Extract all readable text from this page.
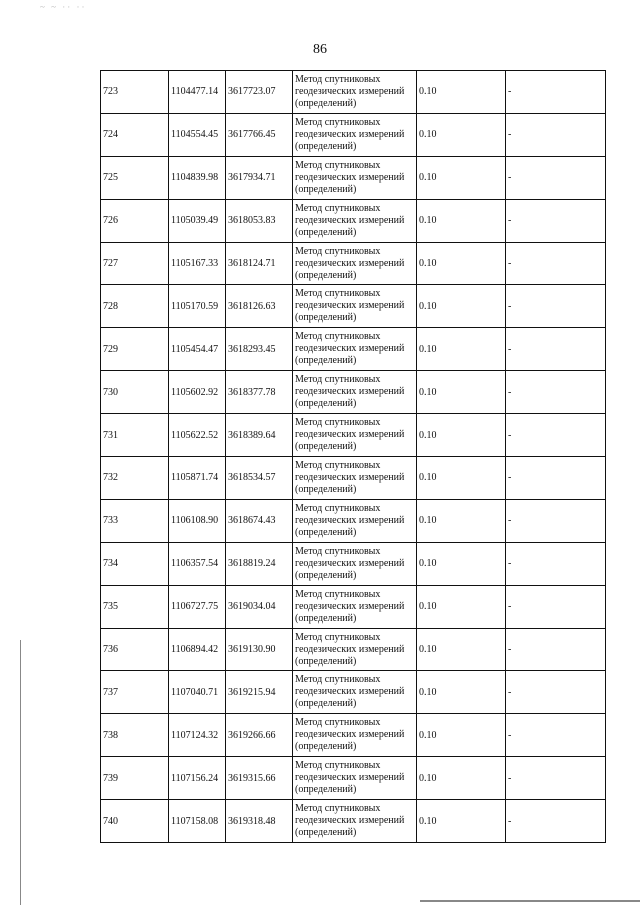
~ ~ ·· ··
86
723	1104477.14	3617723.07	Метод спутниковых
геодезических измерений
(определений)	0.10	-
724	1104554.45	3617766.45	Метод спутниковых
геодезических измерений
(определений)	0.10	-
725	1104839.98	3617934.71	Метод спутниковых
геодезических измерений
(определений)	0.10	-
726	1105039.49	3618053.83	Метод спутниковых
геодезических измерений
(определений)	0.10	-
727	1105167.33	3618124.71	Метод спутниковых
геодезических измерений
(определений)	0.10	-
728	1105170.59	3618126.63	Метод спутниковых
геодезических измерений
(определений)	0.10	-
729	1105454.47	3618293.45	Метод спутниковых
геодезических измерений
(определений)	0.10	-
730	1105602.92	3618377.78	Метод спутниковых
геодезических измерений
(определений)	0.10	-
731	1105622.52	3618389.64	Метод спутниковых
геодезических измерений
(определений)	0.10	-
732	1105871.74	3618534.57	Метод спутниковых
геодезических измерений
(определений)	0.10	-
733	1106108.90	3618674.43	Метод спутниковых
геодезических измерений
(определений)	0.10	-
734	1106357.54	3618819.24	Метод спутниковых
геодезических измерений
(определений)	0.10	-
735	1106727.75	3619034.04	Метод спутниковых
геодезических измерений
(определений)	0.10	-
736	1106894.42	3619130.90	Метод спутниковых
геодезических измерений
(определений)	0.10	-
737	1107040.71	3619215.94	Метод спутниковых
геодезических измерений
(определений)	0.10	-
738	1107124.32	3619266.66	Метод спутниковых
геодезических измерений
(определений)	0.10	-
739	1107156.24	3619315.66	Метод спутниковых
геодезических измерений
(определений)	0.10	-
740	1107158.08	3619318.48	Метод спутниковых
геодезических измерений
(определений)	0.10	-
